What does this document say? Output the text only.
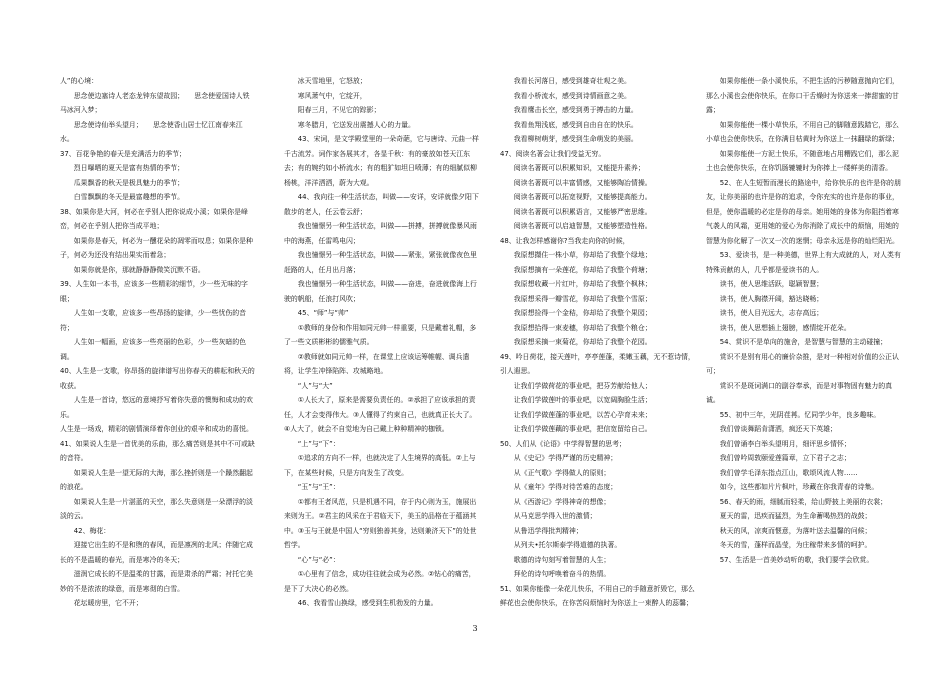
人”的心境：

思念使边塞诗人老态龙钟东望故园；　　思念使爱国诗人铁马冰河入梦；

思念使诗仙举头望月；　　思念使香山居士忆江南春来江水。

37、百花争艳的春天是充满活力的季节；

烈日曝晒的夏天是富有热情的季节；

瓜果飘香的秋天是极具魅力的季节；

白雪飘飘的冬天是最富趣想的季节。

38、如果你是大河，何必在乎别人把你说成小溪；如果你是峰峦，何必在乎别人把你当成平地；

如果你是春天，何必为一醺花朵的凋零而叹息；如果你是种子，何必为还没有结出果实而着急；

如果你就是你，那就静静静微笑沉默不语。

39、人生如一本书，应该多一些精彩的细节，少一些无味的字眼；

人生如一支歌，应该多一些昂扬的旋律，少一些忧伤的音符；

人生如一幅画，应该多一些亮丽的色彩，少一些灰暗的色调。

40、人生是一支歌，你昂扬的旋律谱写出你春天的耕耘和秋天的收获。

人生是一首诗，悠远的意境抒写着你失意的懊悔和成功的欢乐。

人生是一场戏，精彩的剧情演绎着你创业的艰辛和成功的喜悦。

41、如果说人生是一首优美的乐曲，那么痛苦则是其中不可或缺的音符。

如果说人生是一望无际的大海，那么挫折则是一个躁然翻起的浪花。

如果说人生是一片湛蓝的天空，那么失意则是一朵漂浮的淡淡的云。

42、梅花：

迎接它出生的不是和煦的春风，而是凛冽的北风；伴随它成长的不是温暖的春光，而是寒冷的冬天；

滋润它成长的不是温柔的甘露，而是肃杀的严霜；衬托它美妙的不是浓浓的绿意，而是寒彻的白雪。

花坛暖房里，它不开；

冰天雪地里，它怒放；

寒风萧气中，它绽开，

阳春三月，不见它的踪影；

寒冬腊月，它送发出震撼人心的力量。

43、宋词，是文学殿堂里的一朵奇葩，它与唐诗、元曲一样千古流芳。词作家各展其才，各显千秋：有的豪放如苍天江东去；有的婉约如小桥流水；有的粗犷如坦日喷薄；有的细腻似柳杨桃，洋洋洒洒，蔚为大观。

44、我向往一种生活状态，叫做——安详，安详就像夕阳下散步的老人，任云卷云舒；

我也憧憬另一种生活状态，叫做——拼搏，拼搏就像暴风雨中的海燕，任雷鸣电闪；

我也憧憬另一种生活状态，叫做——紧张，紧张就像夜色里赶路的人，任月出月落；

我也憧憬另一种生活状态，叫做——奋进，奋进就像海上行驶的帆船，任浪打风吹；

45、“师”与“帅”

①教师的身份和作用如同元帅一样重要，只是戴着礼帽，多了一些文质彬彬的儒雅气质。

②教师就如同元帅一样，在课堂上应该运筹帷幄、调兵遣将，让学生冲锋陷阵、攻城略地。

“人”与“大”

①人长大了，原来是需要负责任的。②承担了应该承担的责任，人才会变得伟大。③人懂得了约束自己，也就真正长大了。④人大了，就会不自觉地为自己戴上种种精神的枷锁。

“上”与“下”：

①追求的方向不一样，也就决定了人生境界的高低。②上与下，在某些时候，只是方向发生了改变。

“玉”与“王”：

①都有王者风范，只是机遇不同，存于内心则为玉，施展出来则为王。②君主的风采在于君临天下，美玉的品格在于蕴涵其中。③玉与王就是中国人“穷则独善其身，达则兼济天下”的处世哲学。

“心”与“必”：

①心里有了信念，成功往往就会成为必然。②钻心的痛苦，是下了大决心的必然。

46、我看雪山换绿，感受到生机勃发的力量。

我看长河落日，感受到雄奇壮观之美。

我看小桥流水，感受到诗情画意之美。

我看鹰击长空，感受到勇于搏击的力量。

我看鱼翔浅底，感受到自由自在的快乐。

我看柳树萌芽，感受到生命萌发的美丽。

47、阅读名著会让我们受益无穷。

阅读名著既可以积累知识，又能提升素养；

阅读名著既可以丰富情感，又能够陶冶情操。

阅读名著既可以拓宽视野，又能够提高能力。

阅读名著既可以积累语言，又能够严密思维。

阅读名著既可以启迪智慧，又能够塑造性格。

48、让我怎样感谢你?当我走向你的时候，

我原想擷住一株小草，你却给了我整个绿地；

我原想摘有一朵莲花，你却给了我整个荷塘；

我原想收藏一片红叶，你却给了我整个枫林；

我原想采得一瓣雪花，你却给了我整个雪原；

我原想捡得一个金秸，你却给了我整个果园；

我原想拾得一束麦穗，你却给了我整个粮仓；

我原想采摘一束菊花，你却给了我整个花园。

49、吟日荷花，接天莲叶，亭亭莲蓬，柔嫩玉藕，无不惹诗情，引人遐思。

让我们学做荷花的事业吧，把芬芳献给他人；

让我们学做莲叶的事业吧，以宽阔胸脸生活；

让我们学做莲蓬的事业吧，以苦心孕育未来；

让我们学做莲藕的事业吧，把信宽留给自己。

50、人们从《论语》中学得智慧的思考；

从《史记》学得严谨的历史精神；

从《正气歌》学得做人的原则；

从《童年》学得对待苦难的态度；

从《西游记》学得神奇的想像；

从马克思学得入世的激情；

从鲁迅学得批判精神；

从列夫•托尔斯泰学得道德的执著。

歌德的诗句刻写着智慧的人生；

拜伦的诗句呼唤着奋斗的热情。

51、如果你能像一朵花儿快乐，不用自己的手随意折毁它，那么鲜花也会使你快乐，在你苦闷烦恼时为你送上一束醉人的蕊馨；

如果你能使一条小溪快乐，不把生活的污秽随意抛向它们，那么小溪也会使你快乐，在你口干舌燥时为你送来一捧甜蜜的甘露；

如果你能使一棵小草快乐，不用自己的脚随意践踏它，那么小草也会使你快乐，在你满目枯黄时为你送上一抹翻绿的新绿；

如果你能使一方泥土快乐，不随意地占用糟践它们，那么泥土也会使你快乐，在你饥肠辘辘时为你捧上一缕鲜美的清香。

52、在人生短暂而漫长的路途中，给你快乐的也许是你的朋友，让你美丽的也许是你的追求，令你充实的也许是你的事业，但是，使你温暖的必定是你的母亲。她用她的身体为你阻挡着寒气袭人的风霜，更用她的爱心为你消除了成长中的烦恼，用她的智慧为你化解了一次又一次的迷惘；母亲永远是你的灿烂阳光。

53、爱读书，是一种美德，世界上有大成就的人，对人类有特殊贡献的人，几乎都是爱读书的人。

读书，使人思维活跃，聪颖智慧；

读书，使人胸襟开阔，豁达晓畅；

读书，使人目光远大，志存高远；

读书，使人思想插上翅膀，感情绽开花朵。

54、赏识不是单向的施舍，是智慧与智慧的主动碰撞；

赏识不是别有用心的廉价杂推，是对一种相对价值的公正认可；

赏识不是斑词满口的副谷奉承，而是对事物固有魅力的真诚。

55、初中三年，光阴荏苒。忆同学少年，良多趣味。

我们曾谈舞蹈肯潇洒，疯还天下英雄；

我们曾诵李白举头望明月，细评思乡情怀；

我们曾吟周敦颐爱莲篇章，立下君子之志；

我们曾学毛泽东指点江山，歌颂风流人物……

如今，这些都如片片枫叶，珍藏在你我青春的诗集。

56、春天的雨，细腻而轻柔，给山野披上美丽的衣裳；

夏天的雷，迅疾而猛烈，为生命蓄喝热烈的战鼓；

秋天的风，凉爽而惬意，为落叶送去温馨的问候；

冬天的雪，蓬样而晶莹，为庄稼带来多情的呵护。

57、生活是一首美妙动听的歌，我们要学会欣赏。

3
